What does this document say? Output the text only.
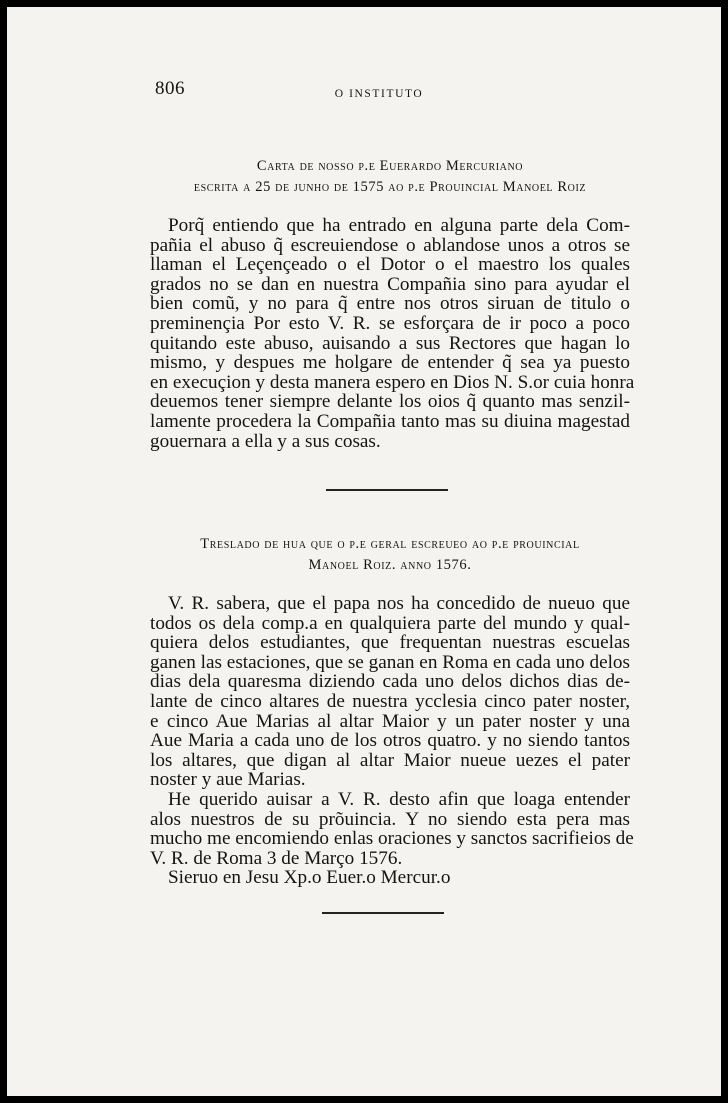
806	O INSTITUTO
Carta de nosso p.e Euerardo Mercuriano
escrita a 25 de junho de 1575 ao p.e Prouincial Manoel Roiz
Porq̃ entiendo que ha entrado en alguna parte dela Com-
pañia el abuso q̃ escreuiendose o ablandose unos a otros se
llaman el Leçençeado o el Dotor o el maestro los quales
grados no se dan en nuestra Compañia sino para ayudar el
bien comũ, y no para q̃ entre nos otros siruan de titulo o
preminençia Por esto V. R. se esforçara de ir poco a poco
quitando este abuso, auisando a sus Rectores que hagan lo
mismo, y despues me holgare de entender q̃ sea ya puesto
en execuçion y desta manera espero en Dios N. S.or cuia honra
deuemos tener siempre delante los oios q̃ quanto mas senzil-
lamente procedera la Compañia tanto mas su diuina magestad
gouernara a ella y a sus cosas.
Treslado de hua que o p.e geral escreueo ao p.e prouincial
Manoel Roiz. anno 1576.
V. R. sabera, que el papa nos ha concedido de nueuo que
todos os dela comp.a en qualquiera parte del mundo y qual-
quiera delos estudiantes, que frequentan nuestras escuelas
ganen las estaciones, que se ganan en Roma en cada uno delos
dias dela quaresma diziendo cada uno delos dichos dias de-
lante de cinco altares de nuestra ycclesia cinco pater noster,
e cinco Aue Marias al altar Maior y un pater noster y una
Aue Maria a cada uno de los otros quatro. y no siendo tantos
los altares, que digan al altar Maior nueue uezes el pater
noster y aue Marias.
He querido auisar a V. R. desto afin que loaga entender
alos nuestros de su prõuincia. Y no siendo esta pera mas
mucho me encomiendo enlas oraciones y sanctos sacrifieios de
V. R. de Roma 3 de Março 1576.
Sieruo en Jesu Xp.o Euer.o Mercur.o
